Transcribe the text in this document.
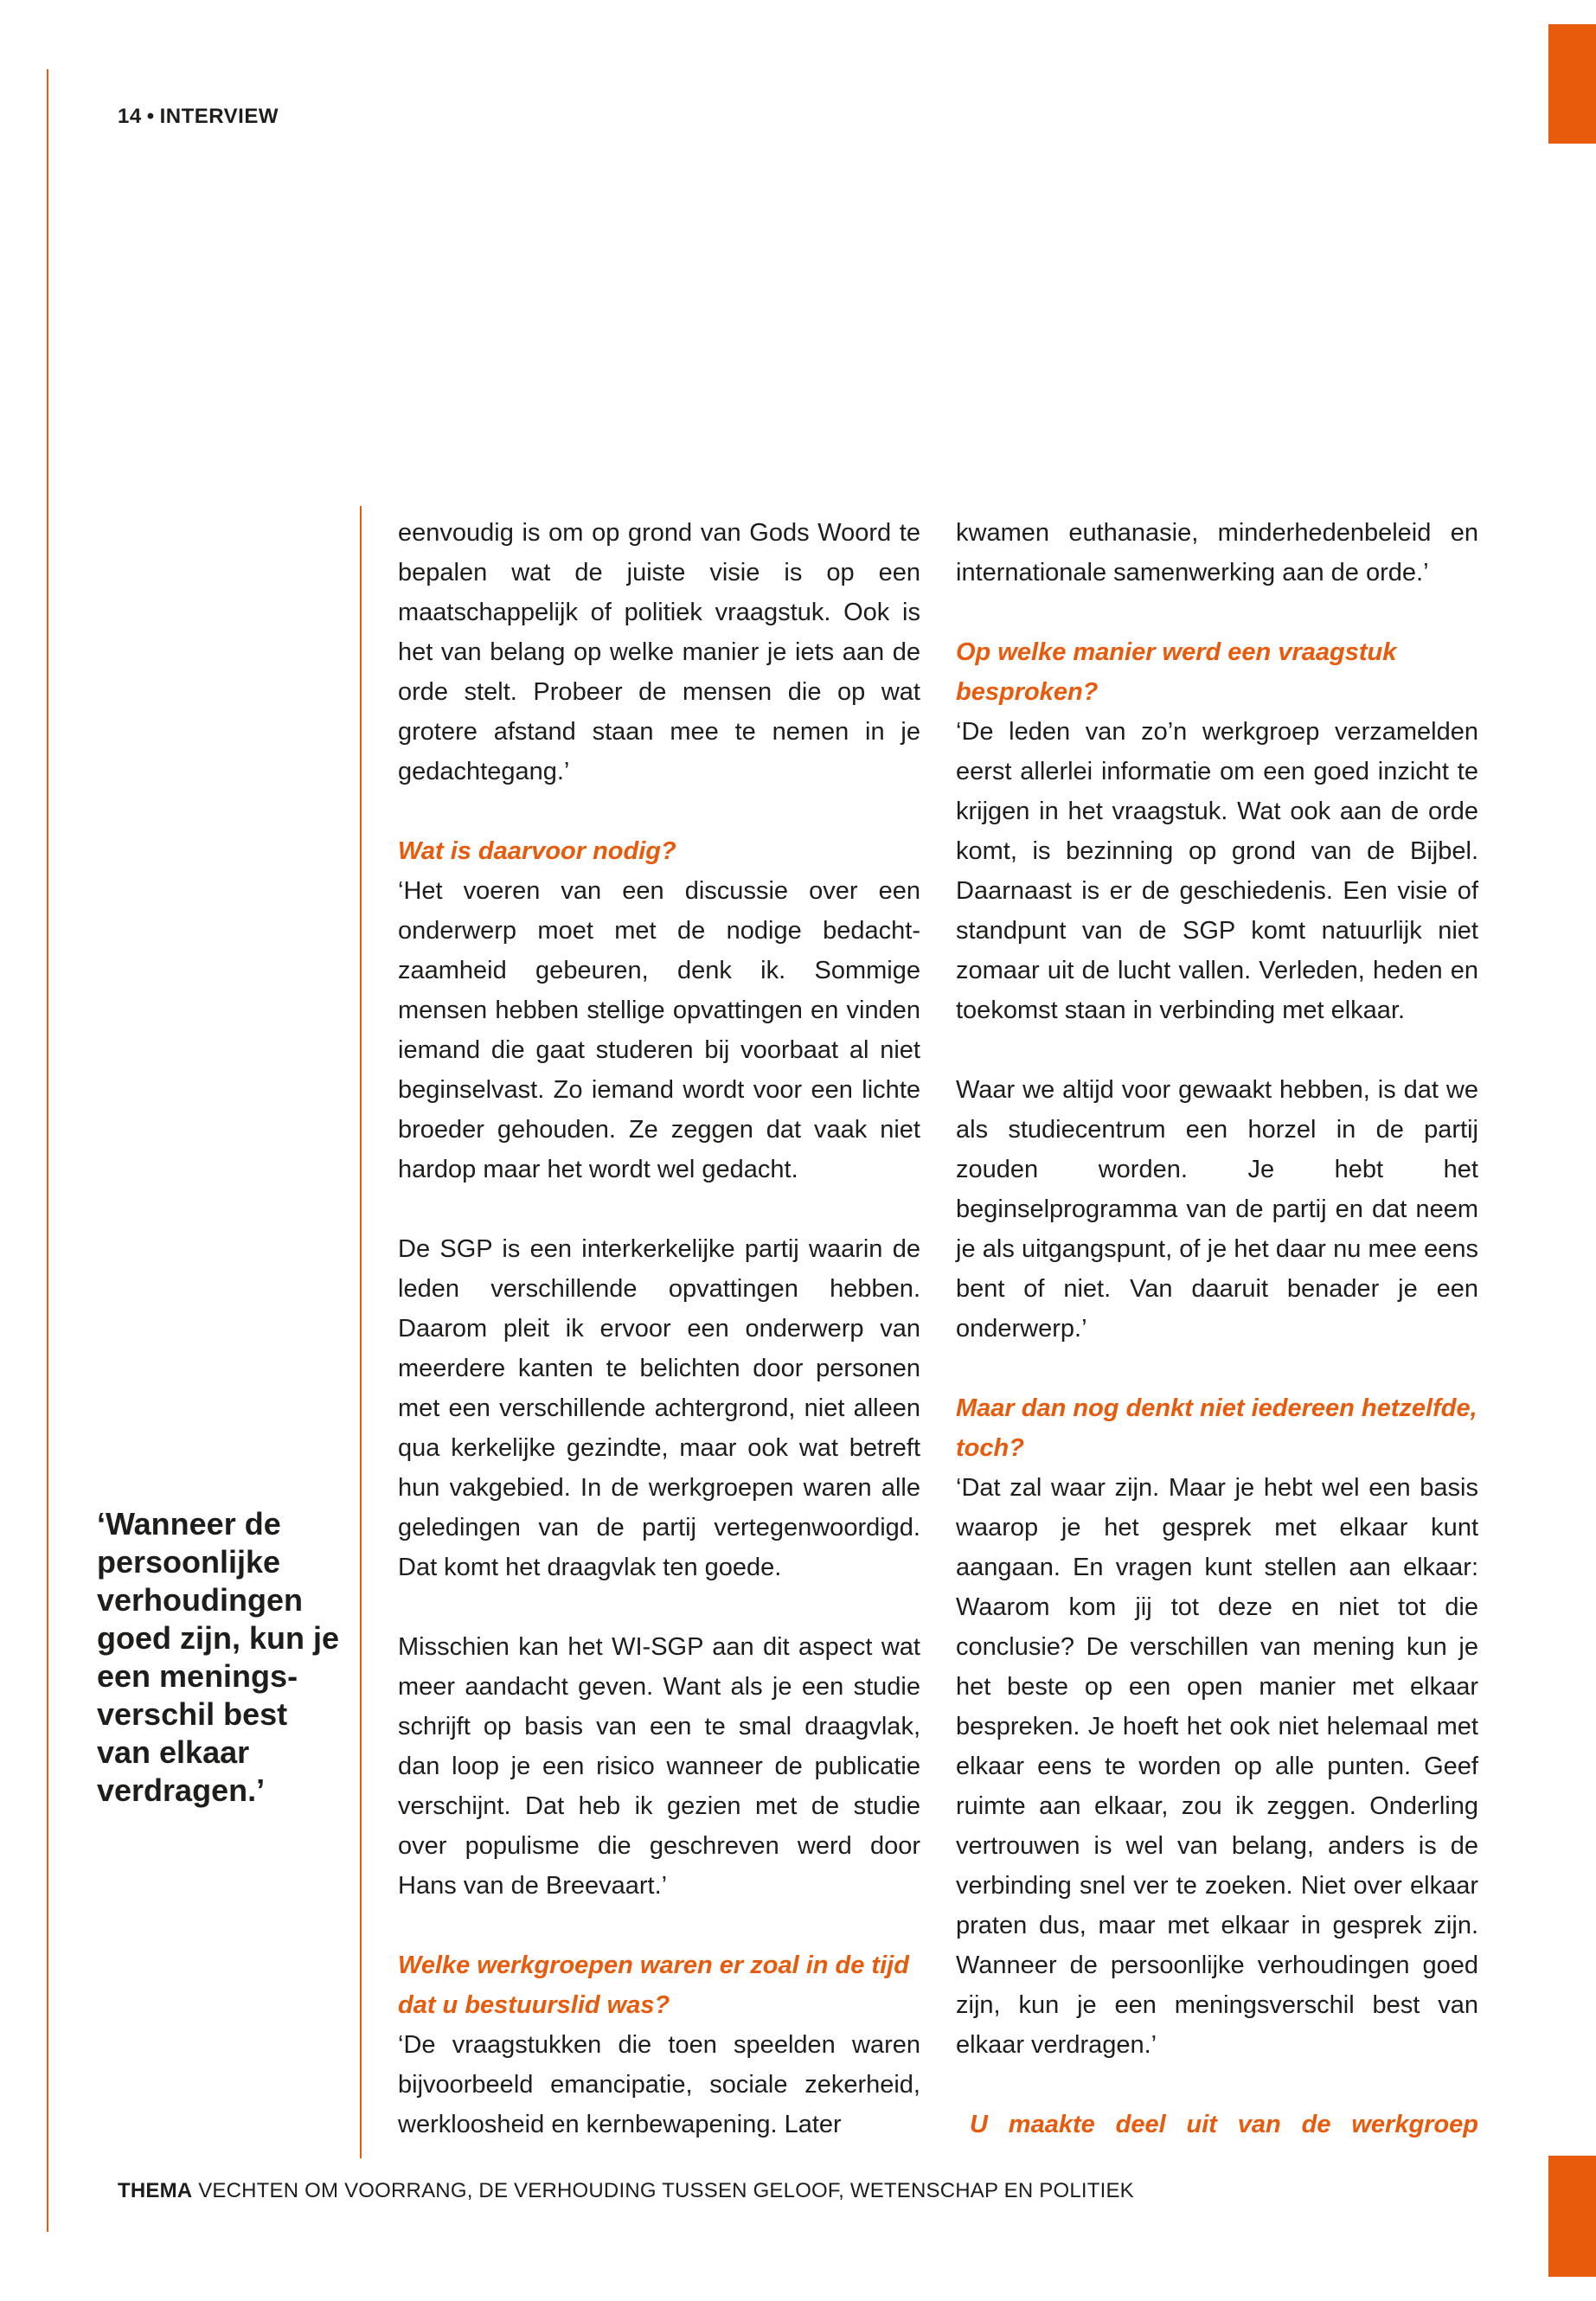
14 • INTERVIEW
‘Wanneer de persoonlijke verhoudingen goed zijn, kun je een meningsverschil best van elkaar verdragen.’

eenvoudig is om op grond van Gods Woord te bepalen wat de juiste visie is op een maatschappelijk of politiek vraagstuk. Ook is het van belang op welke manier je iets aan de orde stelt. Probeer de mensen die op wat grotere afstand staan mee te nemen in je gedachtegang.’

Wat is daarvoor nodig?

‘Het voeren van een discussie over een onderwerp moet met de nodige bedachtzaamheid gebeuren, denk ik. Sommige mensen hebben stellige opvattingen en vinden iemand die gaat studeren bij voorbaat al niet beginselvast. Zo iemand wordt voor een lichte broeder gehouden. Ze zeggen dat vaak niet hardop maar het wordt wel gedacht.

De SGP is een interkerkelijke partij waarin de leden verschillende opvattingen hebben. Daarom pleit ik ervoor een onderwerp van meerdere kanten te belichten door personen met een verschillende achtergrond, niet alleen qua kerkelijke gezindte, maar ook wat betreft hun vakgebied. In de werkgroepen waren alle geledingen van de partij vertegenwoordigd. Dat komt het draagvlak ten goede.

Misschien kan het WI-SGP aan dit aspect wat meer aandacht geven. Want als je een studie schrijft op basis van een te smal draagvlak, dan loop je een risico wanneer de publicatie verschijnt. Dat heb ik gezien met de studie over populisme die geschreven werd door Hans van de Breevaart.’

Welke werkgroepen waren er zoal in de tijd dat u bestuurslid was?

‘De vraagstukken die toen speelden waren bijvoorbeeld emancipatie, sociale zekerheid, werkloosheid en kernbewapening. Later

kwamen euthanasie, minderhedenbeleid en internationale samenwerking aan de orde.’

Op welke manier werd een vraagstuk besproken?

‘De leden van zo’n werkgroep verzamelden eerst allerlei informatie om een goed inzicht te krijgen in het vraagstuk. Wat ook aan de orde komt, is bezinning op grond van de Bijbel. Daarnaast is er de geschiedenis. Een visie of standpunt van de SGP komt natuurlijk niet zomaar uit de lucht vallen. Verleden, heden en toekomst staan in verbinding met elkaar.

Waar we altijd voor gewaakt hebben, is dat we als studiecentrum een horzel in de partij zouden worden. Je hebt het beginselprogramma van de partij en dat neem je als uitgangspunt, of je het daar nu mee eens bent of niet. Van daaruit benader je een onderwerp.’

Maar dan nog denkt niet iedereen hetzelfde, toch?

‘Dat zal waar zijn. Maar je hebt wel een basis waarop je het gesprek met elkaar kunt aangaan. En vragen kunt stellen aan elkaar: Waarom kom jij tot deze en niet tot die conclusie? De verschillen van mening kun je het beste op een open manier met elkaar bespreken. Je hoeft het ook niet helemaal met elkaar eens te worden op alle punten. Geef ruimte aan elkaar, zou ik zeggen. Onderling vertrouwen is wel van belang, anders is de verbinding snel ver te zoeken. Niet over elkaar praten dus, maar met elkaar in gesprek zijn. Wanneer de persoonlijke verhoudingen goed zijn, kun je een meningsverschil best van elkaar verdragen.’

U maakte deel uit van de werkgroep

THEMA VECHTEN OM VOORRANG, DE VERHOUDING TUSSEN GELOOF, WETENSCHAP EN POLITIEK
